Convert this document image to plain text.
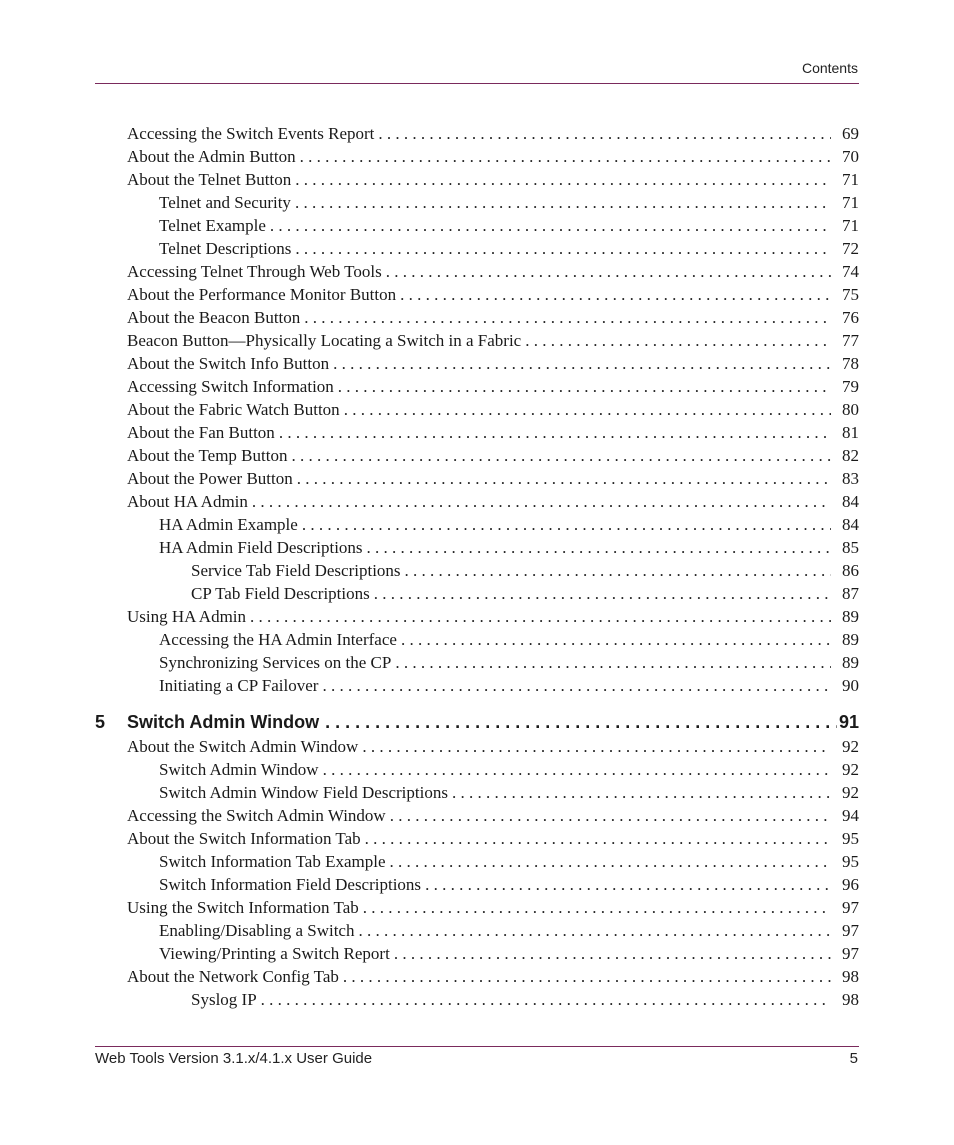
Contents
Accessing the Switch Events Report . . .	69
About the Admin Button . . .	70
About the Telnet Button . . .	71
Telnet and Security . . .	71
Telnet Example . . .	71
Telnet Descriptions . . .	72
Accessing Telnet Through Web Tools . . .	74
About the Performance Monitor Button . . .	75
About the Beacon Button . . .	76
Beacon Button—Physically Locating a Switch in a Fabric . . .	77
About the Switch Info Button . . .	78
Accessing Switch Information . . .	79
About the Fabric Watch Button . . .	80
About the Fan Button . . .	81
About the Temp Button . . .	82
About the Power Button . . .	83
About HA Admin . . .	84
HA Admin Example . . .	84
HA Admin Field Descriptions . . .	85
Service Tab Field Descriptions . . .	86
CP Tab Field Descriptions . . .	87
Using HA Admin . . .	89
Accessing the HA Admin Interface . . .	89
Synchronizing Services on the CP . . .	89
Initiating a CP Failover . . .	90
5	Switch Admin Window . . .	91
About the Switch Admin Window . . .	92
Switch Admin Window . . .	92
Switch Admin Window Field Descriptions . . .	92
Accessing the Switch Admin Window . . .	94
About the Switch Information Tab . . .	95
Switch Information Tab Example . . .	95
Switch Information Field Descriptions . . .	96
Using the Switch Information Tab . . .	97
Enabling/Disabling a Switch . . .	97
Viewing/Printing a Switch Report . . .	97
About the Network Config Tab . . .	98
Syslog IP . . .	98
Web Tools Version 3.1.x/4.1.x User Guide	5
